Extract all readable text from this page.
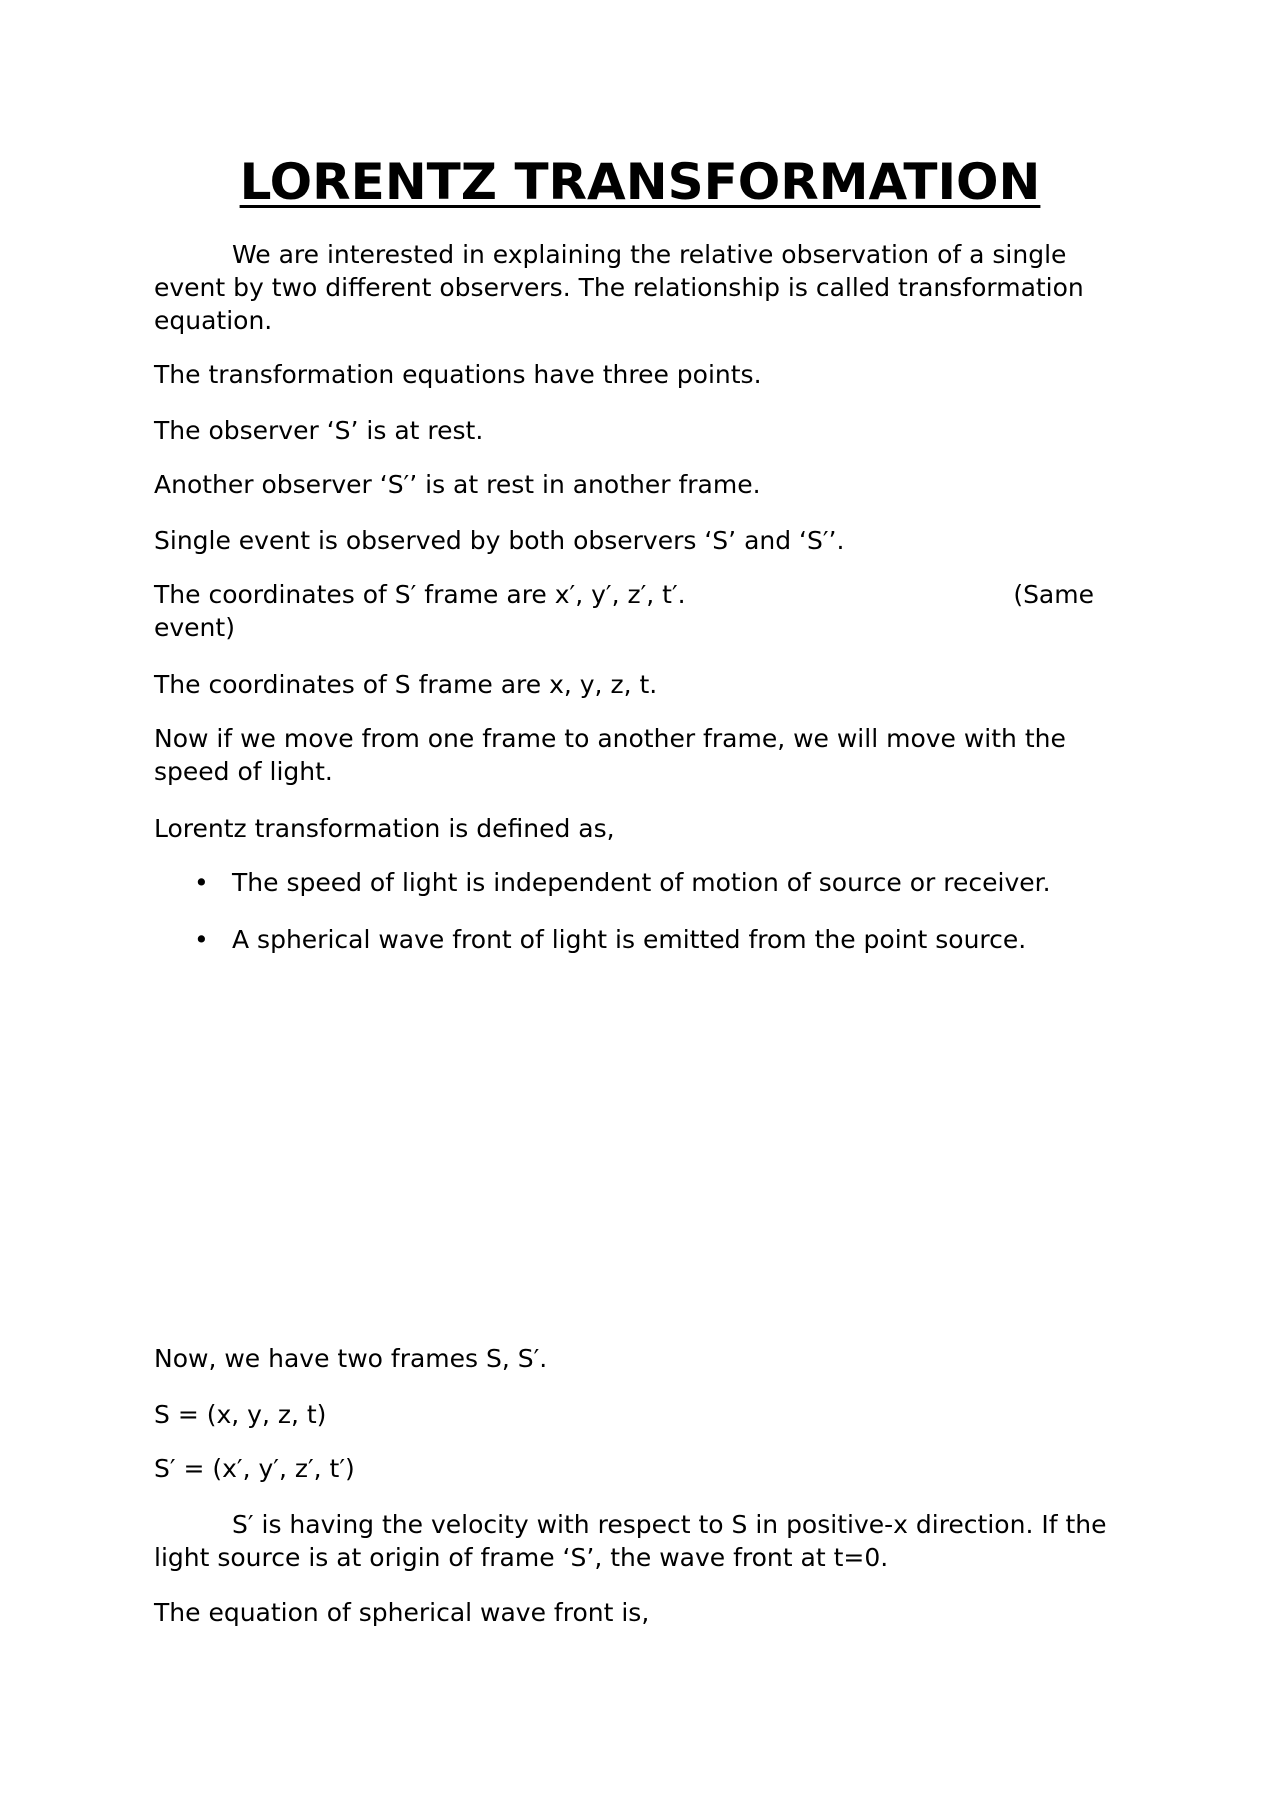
LORENTZ TRANSFORMATION

We are interested in explaining the relative observation of a single event by two different observers. The relationship is called transformation equation.

The transformation equations have three points.

The observer ‘S’ is at rest.

Another observer ‘S′’ is at rest in another frame.

Single event is observed by both observers ‘S’ and ‘S′’.

The coordinates of S′ frame are x′, y′, z′, t′.	(Same
event)

The coordinates of S frame are x, y, z, t.

Now if we move from one frame to another frame, we will move with the speed of light.

Lorentz transformation is defined as,

• The speed of light is independent of motion of source or receiver.
• A spherical wave front of light is emitted from the point source.

Now, we have two frames S, S′.

S = (x, y, z, t)

S′ = (x′, y′, z′, t′)

S′ is having the velocity with respect to S in positive-x direction. If the light source is at origin of frame ‘S’, the wave front at t=0.

The equation of spherical wave front is,
